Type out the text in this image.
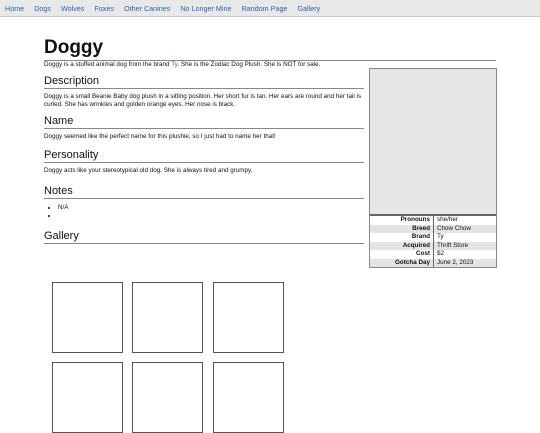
Home Dogs Wolves Foxes Other Canines No Longer Mine Random Page Gallery
Doggy

Doggy is a stuffed animal dog from the brand Ty. She is the Zodiac Dog Plush. She is NOT for sale.

Description

Doggy is a small Beanie Baby dog plush in a sitting position. Her short fur is tan. Her ears are round and her tail is curled. She has wrinkles and golden orange eyes. Her nose is black.

Name

Doggy seemed like the perfect name for this plushie, so I just had to name her that!

Personality

Doggy acts like your stereotypical old dog. She is always tired and grumpy.

Notes
• N/A
•
Gallery
Pronouns	she/her
Breed	Chow Chow
Brand	Ty
Acquired	Thrift Store
Cost	$2
Gotcha Day	June 2, 2023
